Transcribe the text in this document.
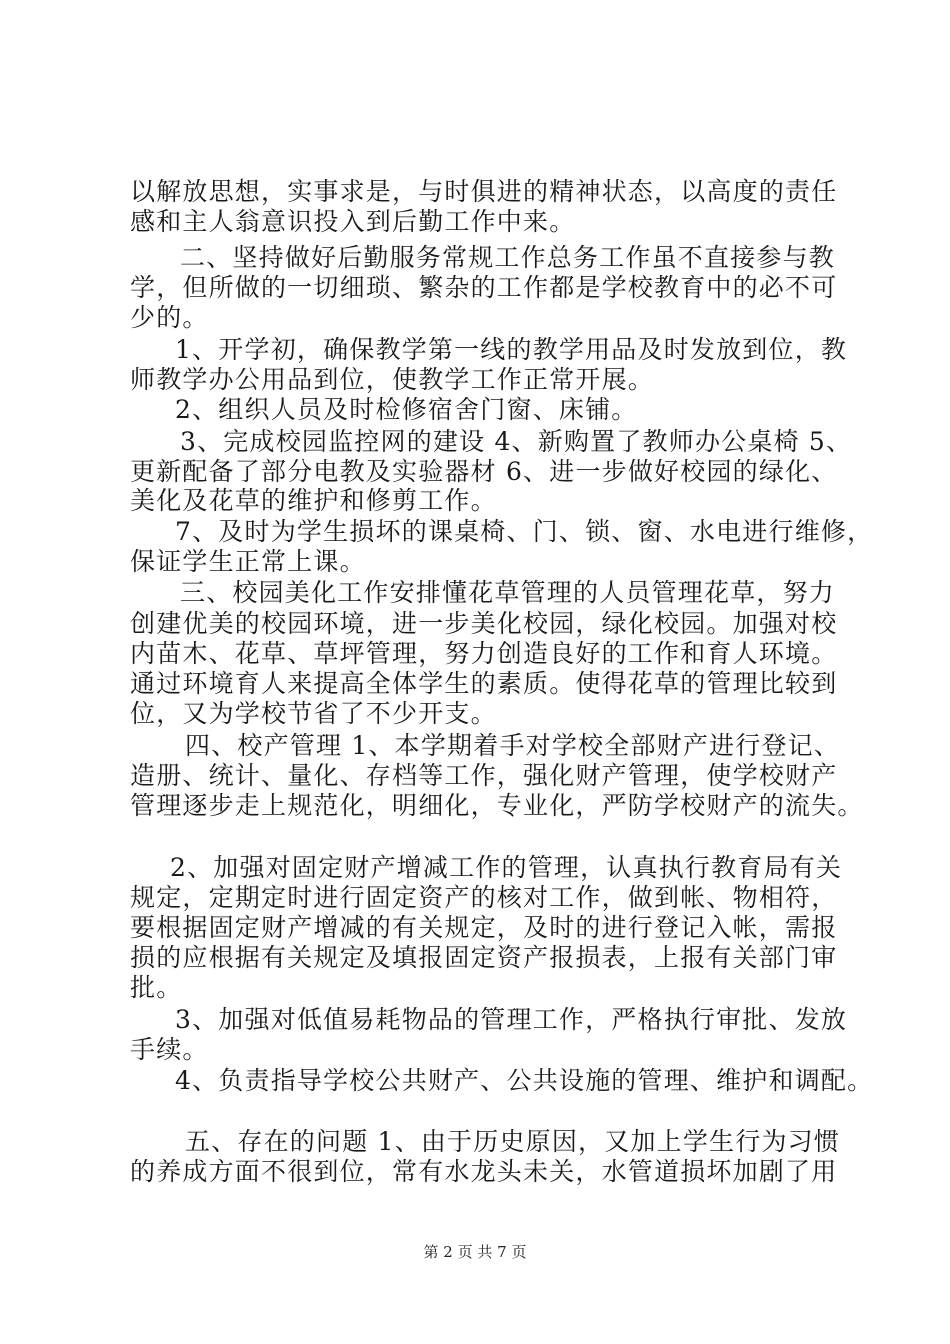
以解放思想，实事求是，与时俱进的精神状态，以高度的责任
感和主人翁意识投入到后勤工作中来。
二、坚持做好后勤服务常规工作总务工作虽不直接参与教
学，但所做的一切细琐、繁杂的工作都是学校教育中的必不可
少的。
1、开学初，确保教学第一线的教学用品及时发放到位，教
师教学办公用品到位，使教学工作正常开展。
2、组织人员及时检修宿舍门窗、床铺。
3、完成校园监控网的建设 4、新购置了教师办公桌椅 5、
更新配备了部分电教及实验器材 6、进一步做好校园的绿化、
美化及花草的维护和修剪工作。
7、及时为学生损坏的课桌椅、门、锁、窗、水电进行维修，
保证学生正常上课。
三、校园美化工作安排懂花草管理的人员管理花草，努力
创建优美的校园环境，进一步美化校园，绿化校园。加强对校
内苗木、花草、草坪管理，努力创造良好的工作和育人环境。
通过环境育人来提高全体学生的素质。使得花草的管理比较到
位，又为学校节省了不少开支。
四、校产管理 1、本学期着手对学校全部财产进行登记、
造册、统计、量化、存档等工作，强化财产管理，使学校财产
管理逐步走上规范化，明细化，专业化，严防学校财产的流失。
2、加强对固定财产增减工作的管理，认真执行教育局有关
规定，定期定时进行固定资产的核对工作，做到帐、物相符，
要根据固定财产增减的有关规定，及时的进行登记入帐，需报
损的应根据有关规定及填报固定资产报损表，上报有关部门审
批。
3、加强对低值易耗物品的管理工作，严格执行审批、发放
手续。
4、负责指导学校公共财产、公共设施的管理、维护和调配。
五、存在的问题 1、由于历史原因，又加上学生行为习惯
的养成方面不很到位，常有水龙头未关，水管道损坏加剧了用
第 2 页 共 7 页
